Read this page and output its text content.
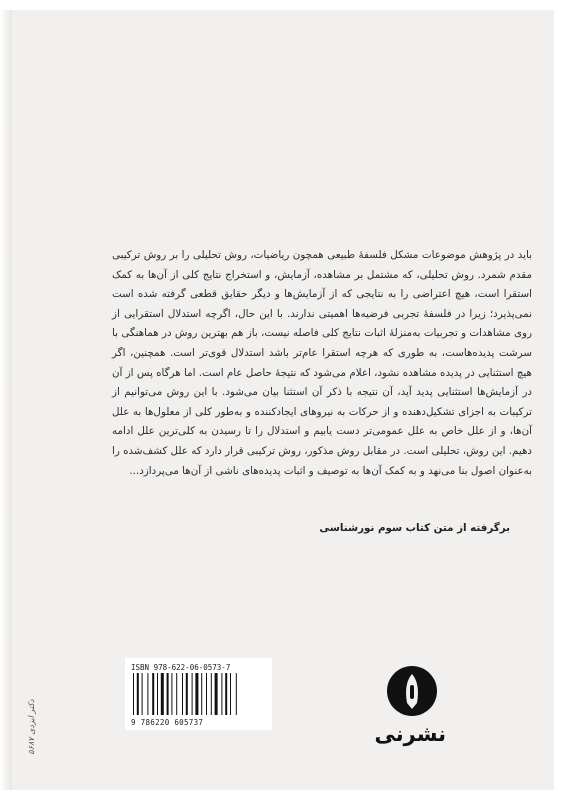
باید در پژوهش موضوعات مشکل فلسفهٔ طبیعی همچون ریاضیات، روش تحلیلی را بر روش ترکیبی مقدم شمرد. روش تحلیلی، که مشتمل بر مشاهده، آزمایش، و استخراج نتایج کلی از آن‌ها به کمک استقرا است، هیچ اعتراضی را به نتایجی که از آزمایش‌ها و دیگر حقایق قطعی گرفته شده است نمی‌پذیرد؛ زیرا در فلسفهٔ تجربی فرضیه‌ها اهمیتی ندارند. با این حال، اگرچه استدلال استقرایی از روی مشاهدات و تجربیات به‌منزلهٔ اثبات نتایج کلی فاصله نیست، باز هم بهترین روش در هماهنگی با سرشت پدیده‌هاست، به طوری که هرچه استقرا عام‌تر باشد استدلال قوی‌تر است. همچنین، اگر هیچ استثنایی در پدیده مشاهده نشود، اعلام می‌شود که نتیجهٔ حاصل عام است. اما هرگاه پس از آن در آزمایش‌ها استثنایی پدید آید، آن نتیجه با ذکر آن استثنا بیان می‌شود. با این روش می‌توانیم از ترکیبات به اجزای تشکیل‌دهنده و از حرکات به نیروهای ایجادکننده و به‌طور کلی از معلول‌ها به علل آن‌ها، و از علل خاص به علل عمومی‌تر دست یابیم و استدلال را تا رسیدن به کلی‌ترین علل ادامه دهیم. این روش، تحلیلی است. در مقابل روش مذکور، روش ترکیبی قرار دارد که علل کشف‌شده را به‌عنوان اصول بنا می‌نهد و به کمک آن‌ها به توصیف و اثبات پدیده‌های ناشی از آن‌ها می‌پردازد...

برگرفته از متن کتاب سوم نورشناسی
دکتر ایزدی ۵۶۸۷
ISBN 978-622-06-0573-7
9 786220 605737	نشرنی
